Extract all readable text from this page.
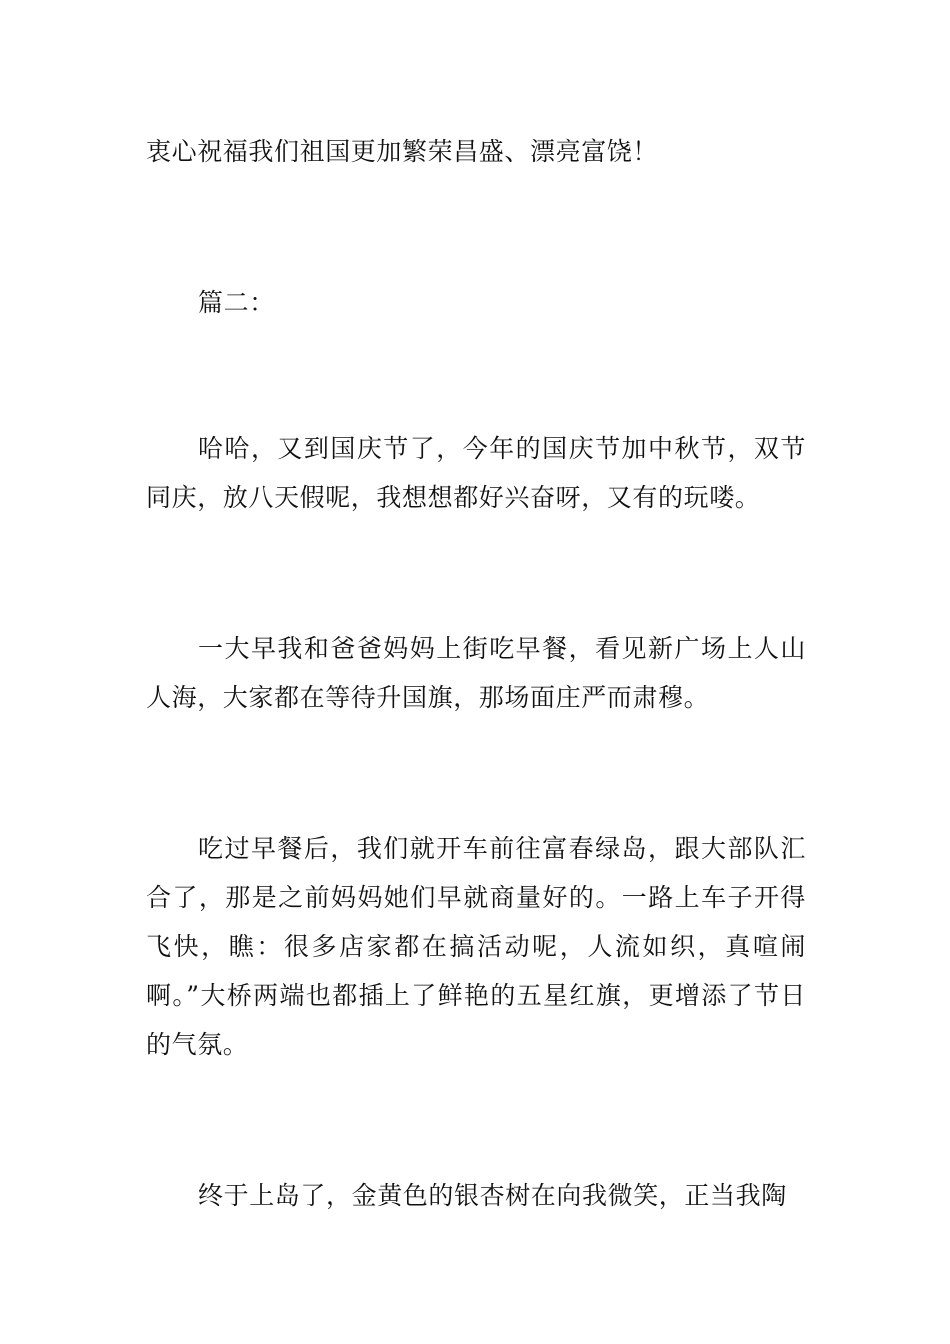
衷心祝福我们祖国更加繁荣昌盛、漂亮富饶！

篇二：

哈哈，又到国庆节了，今年的国庆节加中秋节，双节同庆，放八天假呢，我想想都好兴奋呀，又有的玩喽。

一大早我和爸爸妈妈上街吃早餐，看见新广场上人山人海，大家都在等待升国旗，那场面庄严而肃穆。

吃过早餐后，我们就开车前往富春绿岛，跟大部队汇合了，那是之前妈妈她们早就商量好的。一路上车子开得飞快，瞧：很多店家都在搞活动呢，人流如织，真喧闹啊。”大桥两端也都插上了鲜艳的五星红旗，更增添了节日的气氛。

终于上岛了，金黄色的银杏树在向我微笑，正当我陶
